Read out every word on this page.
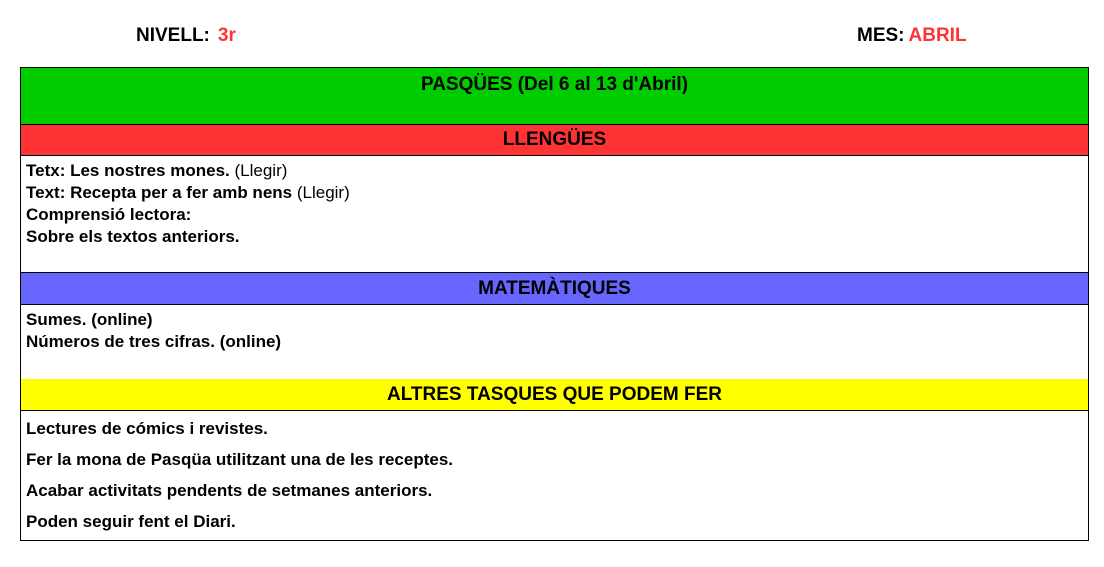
NIVELL: 3r	MES: ABRIL
PASQÜES (Del 6 al 13 d'Abril)
LLENGÜES
Tetx: Les nostres mones. (Llegir)
Text: Recepta per a fer amb nens (Llegir)
Comprensió lectora:
Sobre els textos anteriors.
MATEMÀTIQUES
Sumes. (online)
Números de tres cifras. (online)
ALTRES TASQUES QUE PODEM FER
Lectures de cómics i revistes.
Fer la mona de Pasqüa utilitzant una de les receptes.
Acabar activitats pendents de setmanes anteriors.
Poden seguir fent el Diari.
